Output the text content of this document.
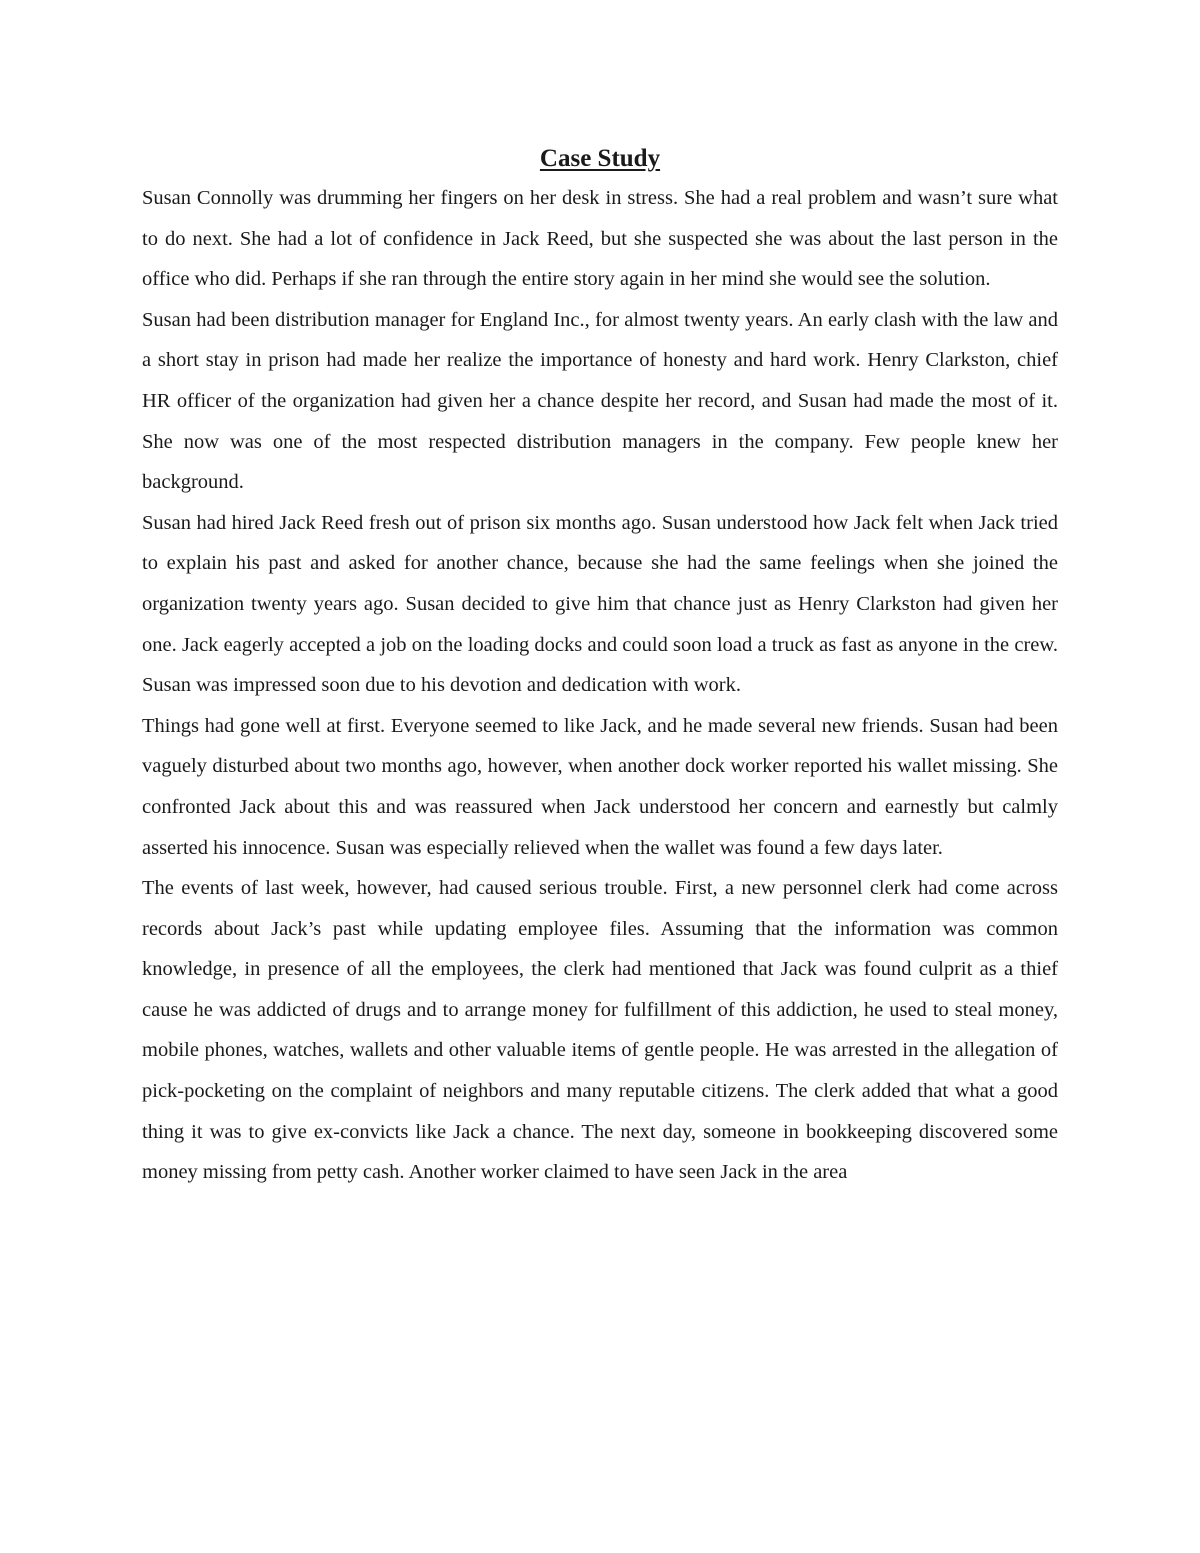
Case Study

Susan Connolly was drumming her fingers on her desk in stress. She had a real problem and wasn’t sure what to do next. She had a lot of confidence in Jack Reed, but she suspected she was about the last person in the office who did. Perhaps if she ran through the entire story again in her mind she would see the solution.

Susan had been distribution manager for England Inc., for almost twenty years. An early clash with the law and a short stay in prison had made her realize the importance of honesty and hard work. Henry Clarkston, chief HR officer of the organization had given her a chance despite her record, and Susan had made the most of it. She now was one of the most respected distribution managers in the company. Few people knew her background.

Susan had hired Jack Reed fresh out of prison six months ago. Susan understood how Jack felt when Jack tried to explain his past and asked for another chance, because she had the same feelings when she joined the organization twenty years ago. Susan decided to give him that chance just as Henry Clarkston had given her one. Jack eagerly accepted a job on the loading docks and could soon load a truck as fast as anyone in the crew. Susan was impressed soon due to his devotion and dedication with work.

Things had gone well at first. Everyone seemed to like Jack, and he made several new friends. Susan had been vaguely disturbed about two months ago, however, when another dock worker reported his wallet missing. She confronted Jack about this and was reassured when Jack understood her concern and earnestly but calmly asserted his innocence. Susan was especially relieved when the wallet was found a few days later.

The events of last week, however, had caused serious trouble. First, a new personnel clerk had come across records about Jack’s past while updating employee files. Assuming that the information was common knowledge, in presence of all the employees, the clerk had mentioned that Jack was found culprit as a thief cause he was addicted of drugs and to arrange money for fulfillment of this addiction, he used to steal money, mobile phones, watches, wallets and other valuable items of gentle people. He was arrested in the allegation of pick-pocketing on the complaint of neighbors and many reputable citizens. The clerk added that what a good thing it was to give ex-convicts like Jack a chance. The next day, someone in bookkeeping discovered some money missing from petty cash. Another worker claimed to have seen Jack in the area
